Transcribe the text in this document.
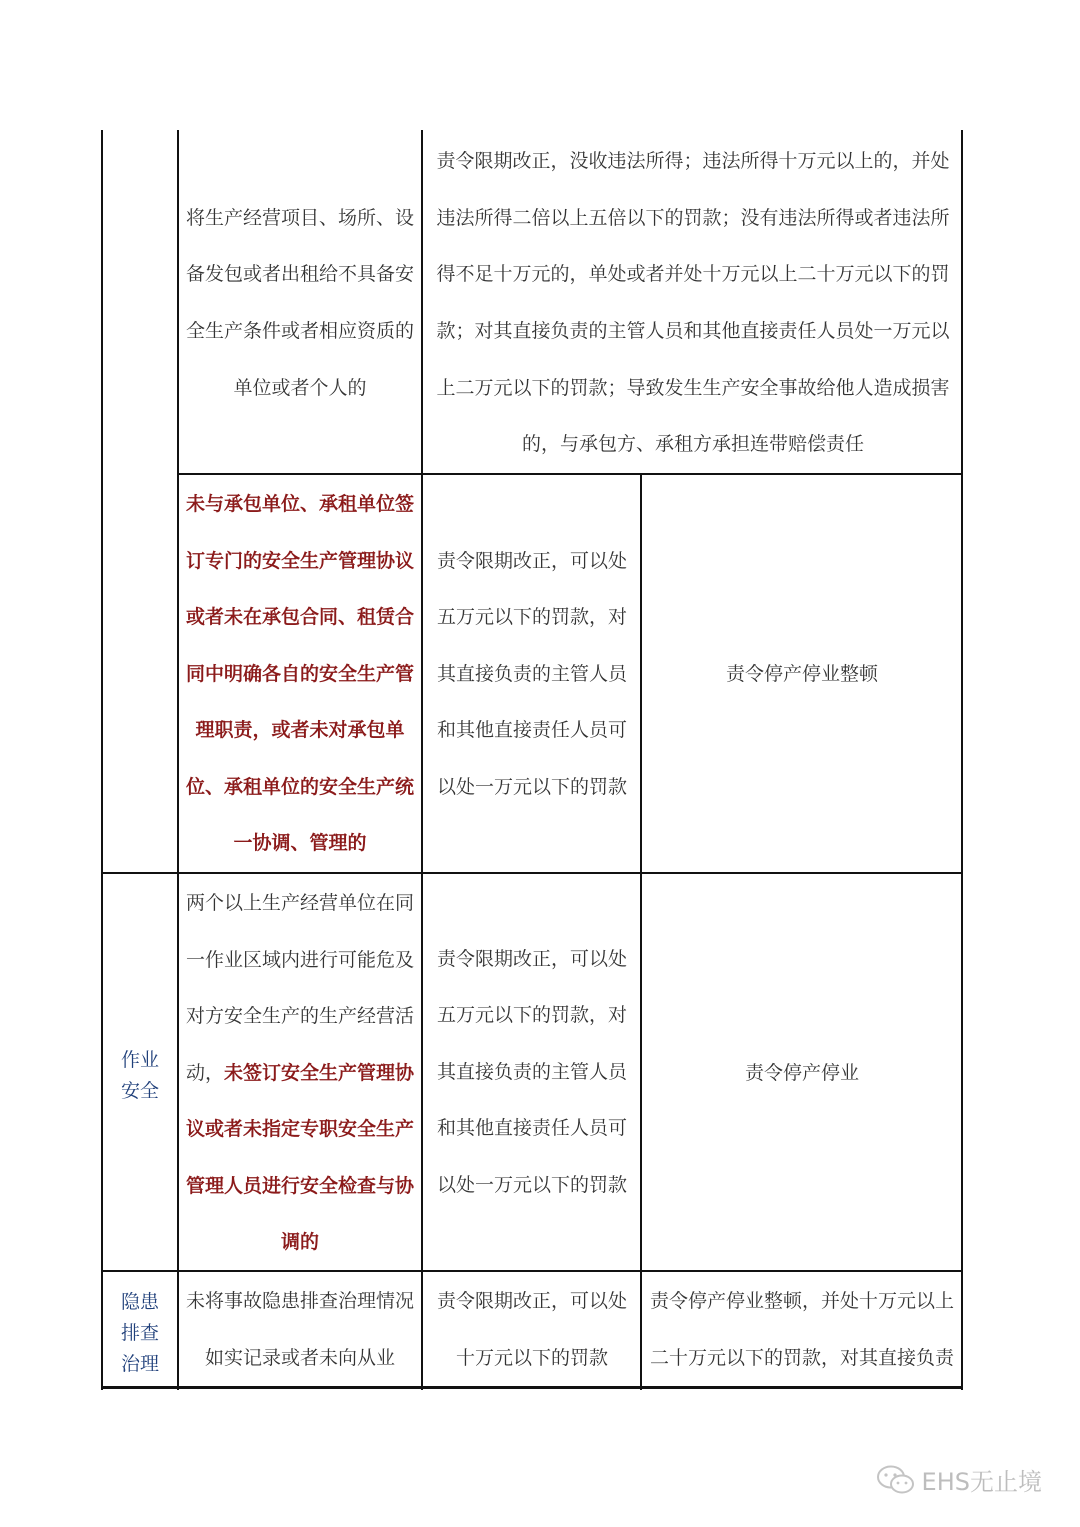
将生产经营项目、场所、设备发包或者出租给不具备安全生产条件或者相应资质的单位或者个人的
责令限期改正，没收违法所得；违法所得十万元以上的，并处违法所得二倍以上五倍以下的罚款；没有违法所得或者违法所得不足十万元的，单处或者并处十万元以上二十万元以下的罚款；对其直接负责的主管人员和其他直接责任人员处一万元以上二万元以下的罚款；导致发生生产安全事故给他人造成损害的，与承包方、承租方承担连带赔偿责任
未与承包单位、承租单位签订专门的安全生产管理协议或者未在承包合同、租赁合同中明确各自的安全生产管理职责，或者未对承包单位、承租单位的安全生产统一协调、管理的
责令限期改正，可以处五万元以下的罚款，对其直接负责的主管人员和其他直接责任人员可以处一万元以下的罚款
责令停产停业整顿
作业
安全
两个以上生产经营单位在同一作业区域内进行可能危及对方安全生产的生产经营活动，未签订安全生产管理协议或者未指定专职安全生产管理人员进行安全检查与协调的
责令限期改正，可以处五万元以下的罚款，对其直接负责的主管人员和其他直接责任人员可以处一万元以下的罚款
责令停产停业
隐患
排查
治理
未将事故隐患排查治理情况如实记录或者未向从业
责令限期改正，可以处十万元以下的罚款
责令停产停业整顿，并处十万元以上二十万元以下的罚款，对其直接负责
EHS无止境
